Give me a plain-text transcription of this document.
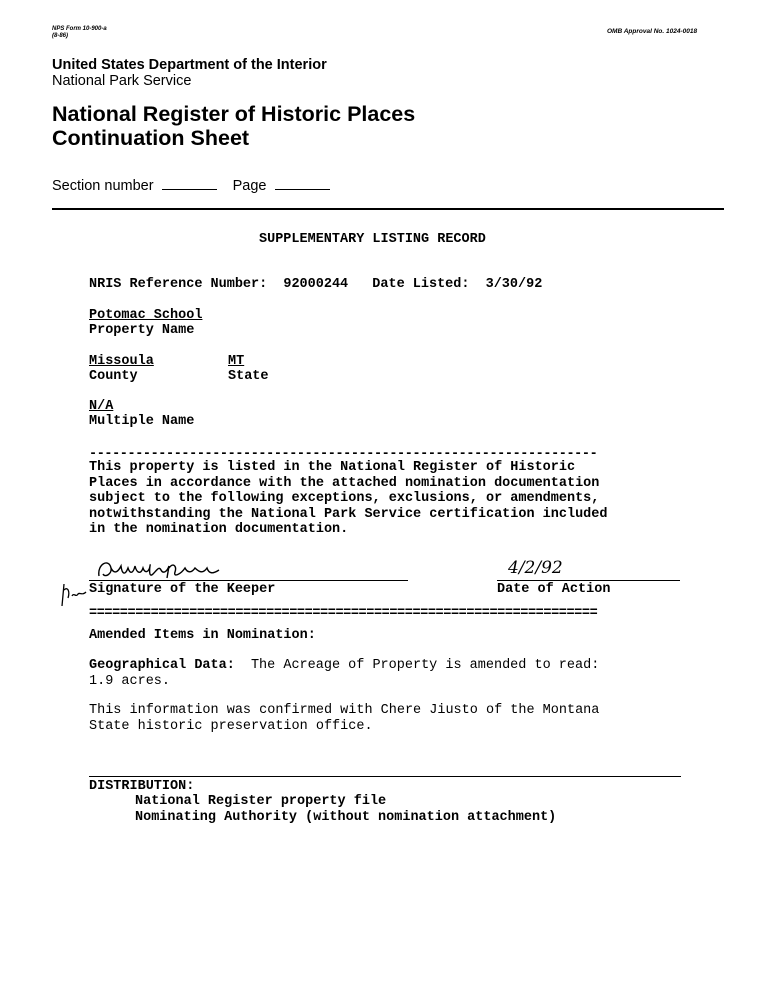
NPS Form 10-900-a
(8-86)
OMB Approval No. 1024-0018
United States Department of the Interior
National Park Service
National Register of Historic Places
Continuation Sheet
Section number	Page
SUPPLEMENTARY LISTING RECORD
NRIS Reference Number: 92000244 Date Listed: 3/30/92
Potomac School
Property Name
Missoula
County
MT
State
N/A
Multiple Name
------------------------------------------------------------------
This property is listed in the National Register of Historic
Places in accordance with the attached nomination documentation
subject to the following exceptions, exclusions, or amendments,
notwithstanding the National Park Service certification included
in the nomination documentation.
Signature of the Keeper
4/2/92
Date of Action
==================================================================
Amended Items in Nomination:
Geographical Data: The Acreage of Property is amended to read:
1.9 acres.
This information was confirmed with Chere Jiusto of the Montana
State historic preservation office.
DISTRIBUTION:
National Register property file
Nominating Authority (without nomination attachment)
